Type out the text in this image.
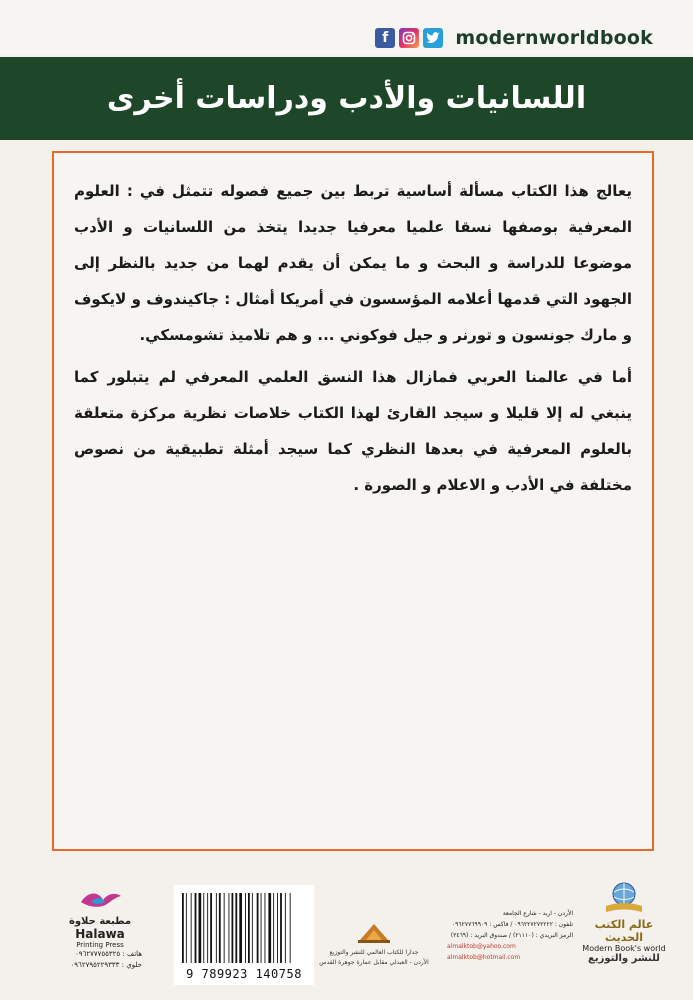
f	modernworldbook
اللسانيات والأدب ودراسات أخرى

يعالج هذا الكتاب مسألة أساسية تربط بين جميع فصوله تتمثل في : العلوم المعرفية بوصفها نسقا علميا معرفيا جديدا يتخذ من اللسانيات و الأدب موضوعا للدراسة و البحث و ما يمكن أن يقدم لهما من جديد بالنظر إلى الجهود التي قدمها أعلامه المؤسسون في أمريكا أمثال : جاكيندوف و لايكوف و مارك جونسون و تورنر و جيل فوكوني ... و هم تلاميذ تشومسكي.

أما في عالمنا العربي فمازال هذا النسق العلمي المعرفي لم يتبلور كما ينبغي له إلا قليلا و سيجد القارئ لهذا الكتاب خلاصات نظرية مركزة متعلقة بالعلوم المعرفية في بعدها النظري كما سيجد أمثلة تطبيقية من نصوص مختلفة في الأدب و الاعلام و الصورة .

مطبعة حلاوة
Halawa
Printing Press
هاتف : ٠٩٦٢٧٧٧٥٥٣٢٥
خلوي : ٠٩٦٢٧٩٥٢٢٩٣٣٣
9 789923 140758
جدارا للكتاب العالمي للنشر والتوزيع
الأردن - العبدلي مقابل عمارة جوهرة القدس
الأردن - اربد - شارع الجامعة
تلفون : ٠٩٦٢٢٧٢٧٢٢٢٢ / فاكس : ٠٩٦٢٧٧٦٩٩٠٩
الرمز البريدي : (٢١١١٠) / صندوق البريد : (٣٤٦٩)
almalktob@yahoo.com
almalktob@hotmail.com
عالم الكتب الحديث
Modern Book's world
للنشر والتوزيع
